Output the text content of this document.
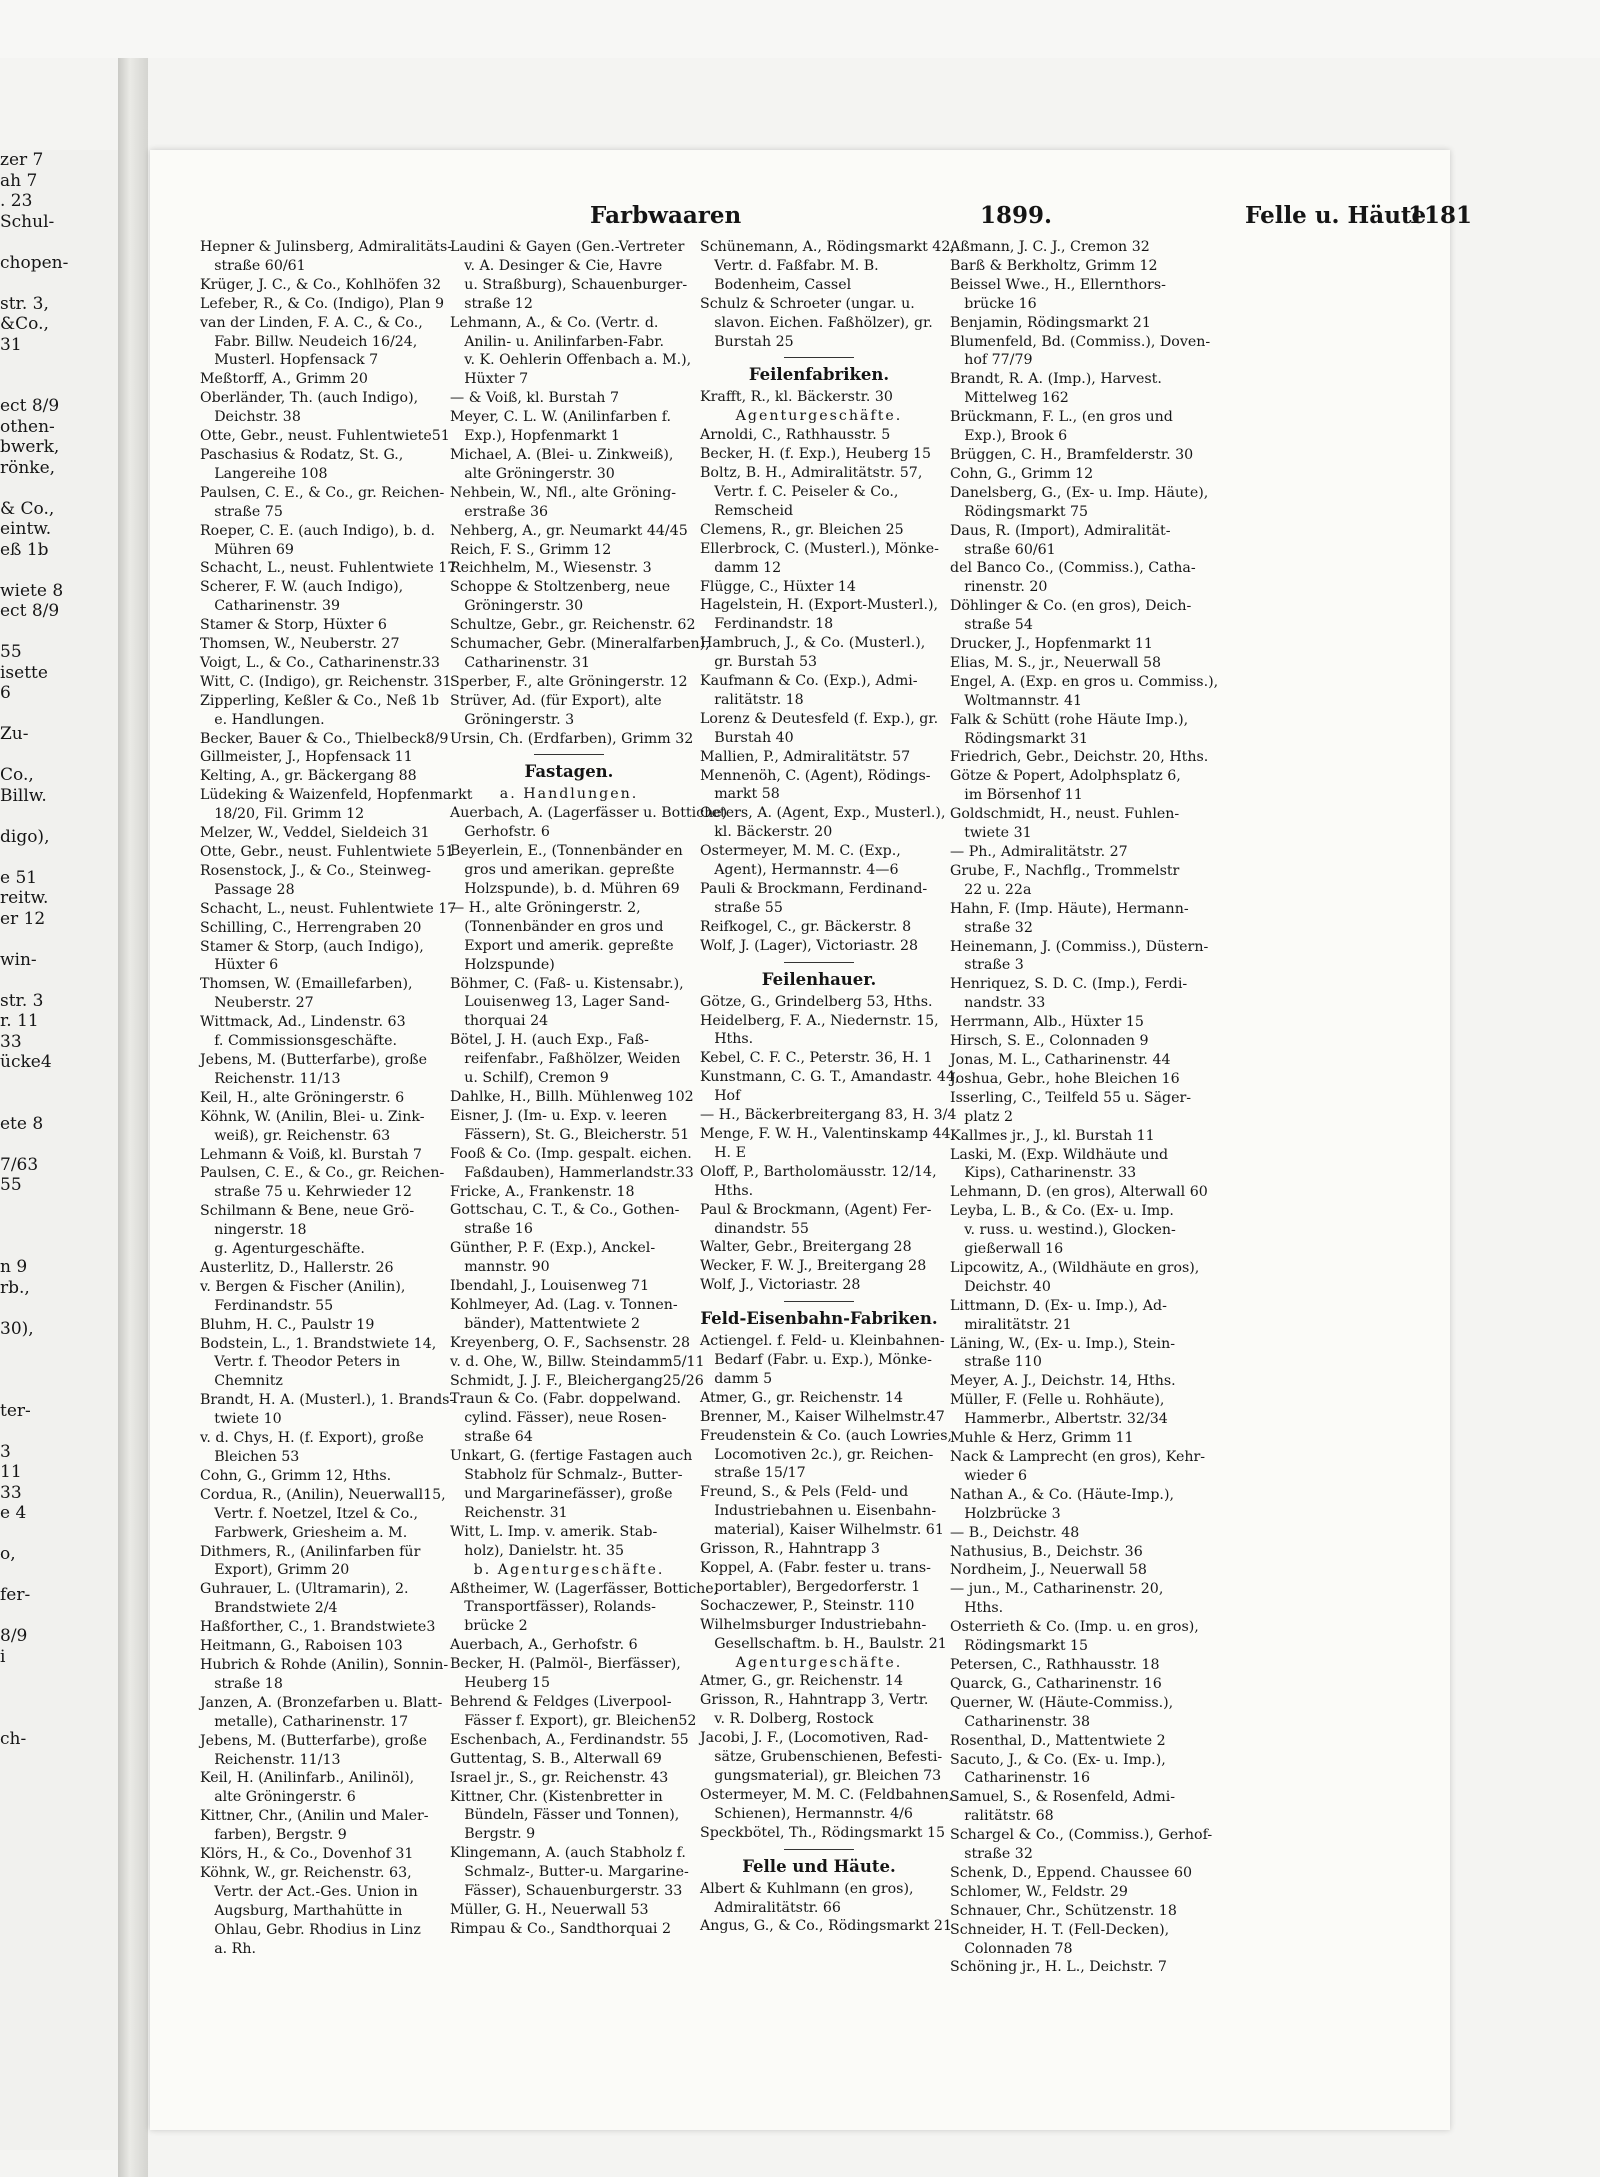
zer 7
ah 7
. 23
Schul-
chopen-
str. 3,
&Co.,
31
ect 8/9
othen-
bwerk,
rönke,
& Co.,
eintw.
eß 1b
wiete 8
ect 8/9
55
isette
6
Zu-
Co.,
Billw.
digo),
e 51
reitw.
er 12
win-
str. 3
r. 11
33
ücke4
ete 8
7/63
55
n 9
rb.,
30),
ter-
3
11
33
e 4
o,
fer-
8/9
i
ch-
Farbwaaren	1899.	Felle u. Häute
1181
Hepner & Julinsberg, Admiralitäts-
 straße 60/61
Krüger, J. C., & Co., Kohlhöfen 32
Lefeber, R., & Co. (Indigo), Plan 9
van der Linden, F. A. C., & Co.,
 Fabr. Billw. Neudeich 16/24,
 Musterl. Hopfensack 7
Meßtorff, A., Grimm 20
Oberländer, Th. (auch Indigo),
 Deichstr. 38
Otte, Gebr., neust. Fuhlentwiete51
Paschasius & Rodatz, St. G.,
 Langereihe 108
Paulsen, C. E., & Co., gr. Reichen-
 straße 75
Roeper, C. E. (auch Indigo), b. d.
 Mühren 69
Schacht, L., neust. Fuhlentwiete 17
Scherer, F. W. (auch Indigo),
 Catharinenstr. 39
Stamer & Storp, Hüxter 6
Thomsen, W., Neuberstr. 27
Voigt, L., & Co., Catharinenstr.33
Witt, C. (Indigo), gr. Reichenstr. 31
Zipperling, Keßler & Co., Neß 1b
 e. Handlungen.
Becker, Bauer & Co., Thielbeck8/9
Gillmeister, J., Hopfensack 11
Kelting, A., gr. Bäckergang 88
Lüdeking & Waizenfeld, Hopfenmarkt
 18/20, Fil. Grimm 12
Melzer, W., Veddel, Sieldeich 31
Otte, Gebr., neust. Fuhlentwiete 51
Rosenstock, J., & Co., Steinweg-
 Passage 28
Schacht, L., neust. Fuhlentwiete 17
Schilling, C., Herrengraben 20
Stamer & Storp, (auch Indigo),
 Hüxter 6
Thomsen, W. (Emaillefarben),
 Neuberstr. 27
Wittmack, Ad., Lindenstr. 63
 f. Commissionsgeschäfte.
Jebens, M. (Butterfarbe), große
 Reichenstr. 11/13
Keil, H., alte Gröningerstr. 6
Köhnk, W. (Anilin, Blei- u. Zink-
 weiß), gr. Reichenstr. 63
Lehmann & Voiß, kl. Burstah 7
Paulsen, C. E., & Co., gr. Reichen-
 straße 75 u. Kehrwieder 12
Schilmann & Bene, neue Grö-
 ningerstr. 18
 g. Agenturgeschäfte.
Austerlitz, D., Hallerstr. 26
v. Bergen & Fischer (Anilin),
 Ferdinandstr. 55
Bluhm, H. C., Paulstr 19
Bodstein, L., 1. Brandstwiete 14,
 Vertr. f. Theodor Peters in
 Chemnitz
Brandt, H. A. (Musterl.), 1. Brands-
 twiete 10
v. d. Chys, H. (f. Export), große
 Bleichen 53
Cohn, G., Grimm 12, Hths.
Cordua, R., (Anilin), Neuerwall15,
 Vertr. f. Noetzel, Itzel & Co.,
 Farbwerk, Griesheim a. M.
Dithmers, R., (Anilinfarben für
 Export), Grimm 20
Guhrauer, L. (Ultramarin), 2.
 Brandstwiete 2/4
Haßforther, C., 1. Brandstwiete3
Heitmann, G., Raboisen 103
Hubrich & Rohde (Anilin), Sonnin-
 straße 18
Janzen, A. (Bronzefarben u. Blatt-
 metalle), Catharinenstr. 17
Jebens, M. (Butterfarbe), große
 Reichenstr. 11/13
Keil, H. (Anilinfarb., Anilinöl),
 alte Gröningerstr. 6
Kittner, Chr., (Anilin und Maler-
 farben), Bergstr. 9
Klörs, H., & Co., Dovenhof 31
Köhnk, W., gr. Reichenstr. 63,
 Vertr. der Act.-Ges. Union in
 Augsburg, Marthahütte in
 Ohlau, Gebr. Rhodius in Linz
 a. Rh.
Laudini & Gayen (Gen.-Vertreter
 v. A. Desinger & Cie, Havre
 u. Straßburg), Schauenburger-
 straße 12
Lehmann, A., & Co. (Vertr. d.
 Anilin- u. Anilinfarben-Fabr.
 v. K. Oehlerin Offenbach a. M.),
 Hüxter 7
— & Voiß, kl. Burstah 7
Meyer, C. L. W. (Anilinfarben f.
 Exp.), Hopfenmarkt 1
Michael, A. (Blei- u. Zinkweiß),
 alte Gröningerstr. 30
Nehbein, W., Nfl., alte Gröning-
 erstraße 36
Nehberg, A., gr. Neumarkt 44/45
Reich, F. S., Grimm 12
Reichhelm, M., Wiesenstr. 3
Schoppe & Stoltzenberg, neue
 Gröningerstr. 30
Schultze, Gebr., gr. Reichenstr. 62
Schumacher, Gebr. (Mineralfarben),
 Catharinenstr. 31
Sperber, F., alte Gröningerstr. 12
Strüver, Ad. (für Export), alte
 Gröningerstr. 3
Ursin, Ch. (Erdfarben), Grimm 32
Fastagen.
a. Handlungen.
Auerbach, A. (Lagerfässer u. Bottiche)
 Gerhofstr. 6
Beyerlein, E., (Tonnenbänder en
 gros und amerikan. gepreßte
 Holzspunde), b. d. Mühren 69
— H., alte Gröningerstr. 2,
 (Tonnenbänder en gros und
 Export und amerik. gepreßte
 Holzspunde)
Böhmer, C. (Faß- u. Kistensabr.),
 Louisenweg 13, Lager Sand-
 thorquai 24
Bötel, J. H. (auch Exp., Faß-
 reifenfabr., Faßhölzer, Weiden
 u. Schilf), Cremon 9
Dahlke, H., Billh. Mühlenweg 102
Eisner, J. (Im- u. Exp. v. leeren
 Fässern), St. G., Bleicherstr. 51
Fooß & Co. (Imp. gespalt. eichen.
 Faßdauben), Hammerlandstr.33
Fricke, A., Frankenstr. 18
Gottschau, C. T., & Co., Gothen-
 straße 16
Günther, P. F. (Exp.), Anckel-
 mannstr. 90
Ibendahl, J., Louisenweg 71
Kohlmeyer, Ad. (Lag. v. Tonnen-
 bänder), Mattentwiete 2
Kreyenberg, O. F., Sachsenstr. 28
v. d. Ohe, W., Billw. Steindamm5/11
Schmidt, J. J. F., Bleichergang25/26
Traun & Co. (Fabr. doppelwand.
 cylind. Fässer), neue Rosen-
 straße 64
Unkart, G. (fertige Fastagen auch
 Stabholz für Schmalz-, Butter-
 und Margarinefässer), große
 Reichenstr. 31
Witt, L. Imp. v. amerik. Stab-
 holz), Danielstr. ht. 35
b. Agenturgeschäfte.
Aßtheimer, W. (Lagerfässer, Bottiche,
 Transportfässer), Rolands-
 brücke 2
Auerbach, A., Gerhofstr. 6
Becker, H. (Palmöl-, Bierfässer),
 Heuberg 15
Behrend & Feldges (Liverpool-
 Fässer f. Export), gr. Bleichen52
Eschenbach, A., Ferdinandstr. 55
Guttentag, S. B., Alterwall 69
Israel jr., S., gr. Reichenstr. 43
Kittner, Chr. (Kistenbretter in
 Bündeln, Fässer und Tonnen),
 Bergstr. 9
Klingemann, A. (auch Stabholz f.
 Schmalz-, Butter-u. Margarine-
 Fässer), Schauenburgerstr. 33
Müller, G. H., Neuerwall 53
Rimpau & Co., Sandthorquai 2
Schünemann, A., Rödingsmarkt 42,
 Vertr. d. Faßfabr. M. B.
 Bodenheim, Cassel
Schulz & Schroeter (ungar. u.
 slavon. Eichen. Faßhölzer), gr.
 Burstah 25
Feilenfabriken.
Krafft, R., kl. Bäckerstr. 30
Agenturgeschäfte.
Arnoldi, C., Rathhausstr. 5
Becker, H. (f. Exp.), Heuberg 15
Boltz, B. H., Admiralitätstr. 57,
 Vertr. f. C. Peiseler & Co.,
 Remscheid
Clemens, R., gr. Bleichen 25
Ellerbrock, C. (Musterl.), Mönke-
 damm 12
Flügge, C., Hüxter 14
Hagelstein, H. (Export-Musterl.),
 Ferdinandstr. 18
Hambruch, J., & Co. (Musterl.),
 gr. Burstah 53
Kaufmann & Co. (Exp.), Admi-
 ralitätstr. 18
Lorenz & Deutesfeld (f. Exp.), gr.
 Burstah 40
Mallien, P., Admiralitätstr. 57
Mennenöh, C. (Agent), Rödings-
 markt 58
Oeters, A. (Agent, Exp., Musterl.),
 kl. Bäckerstr. 20
Ostermeyer, M. M. C. (Exp.,
 Agent), Hermannstr. 4—6
Pauli & Brockmann, Ferdinand-
 straße 55
Reifkogel, C., gr. Bäckerstr. 8
Wolf, J. (Lager), Victoriastr. 28
Feilenhauer.
Götze, G., Grindelberg 53, Hths.
Heidelberg, F. A., Niedernstr. 15,
 Hths.
Kebel, C. F. C., Peterstr. 36, H. 1
Kunstmann, C. G. T., Amandastr. 44,
 Hof
— H., Bäckerbreitergang 83, H. 3/4
Menge, F. W. H., Valentinskamp 44,
 H. E
Oloff, P., Bartholomäusstr. 12/14,
 Hths.
Paul & Brockmann, (Agent) Fer-
 dinandstr. 55
Walter, Gebr., Breitergang 28
Wecker, F. W. J., Breitergang 28
Wolf, J., Victoriastr. 28
Feld-Eisenbahn-Fabriken.
Actiengel. f. Feld- u. Kleinbahnen-
 Bedarf (Fabr. u. Exp.), Mönke-
 damm 5
Atmer, G., gr. Reichenstr. 14
Brenner, M., Kaiser Wilhelmstr.47
Freudenstein & Co. (auch Lowries,
 Locomotiven 2c.), gr. Reichen-
 straße 15/17
Freund, S., & Pels (Feld- und
 Industriebahnen u. Eisenbahn-
 material), Kaiser Wilhelmstr. 61
Grisson, R., Hahntrapp 3
Koppel, A. (Fabr. fester u. trans-
 portabler), Bergedorferstr. 1
Sochaczewer, P., Steinstr. 110
Wilhelmsburger Industriebahn-
 Gesellschaftm. b. H., Baulstr. 21
Agenturgeschäfte.
Atmer, G., gr. Reichenstr. 14
Grisson, R., Hahntrapp 3, Vertr.
 v. R. Dolberg, Rostock
Jacobi, J. F., (Locomotiven, Rad-
 sätze, Grubenschienen, Befesti-
 gungsmaterial), gr. Bleichen 73
Ostermeyer, M. M. C. (Feldbahnen,
 Schienen), Hermannstr. 4/6
Speckbötel, Th., Rödingsmarkt 15
Felle und Häute.
Albert & Kuhlmann (en gros),
 Admiralitätstr. 66
Angus, G., & Co., Rödingsmarkt 21
Aßmann, J. C. J., Cremon 32
Barß & Berkholtz, Grimm 12
Beissel Wwe., H., Ellernthors-
 brücke 16
Benjamin, Rödingsmarkt 21
Blumenfeld, Bd. (Commiss.), Doven-
 hof 77/79
Brandt, R. A. (Imp.), Harvest.
 Mittelweg 162
Brückmann, F. L., (en gros und
 Exp.), Brook 6
Brüggen, C. H., Bramfelderstr. 30
Cohn, G., Grimm 12
Danelsberg, G., (Ex- u. Imp. Häute),
 Rödingsmarkt 75
Daus, R. (Import), Admiralität-
 straße 60/61
del Banco Co., (Commiss.), Catha-
 rinenstr. 20
Döhlinger & Co. (en gros), Deich-
 straße 54
Drucker, J., Hopfenmarkt 11
Elias, M. S., jr., Neuerwall 58
Engel, A. (Exp. en gros u. Commiss.),
 Woltmannstr. 41
Falk & Schütt (rohe Häute Imp.),
 Rödingsmarkt 31
Friedrich, Gebr., Deichstr. 20, Hths.
Götze & Popert, Adolphsplatz 6,
 im Börsenhof 11
Goldschmidt, H., neust. Fuhlen-
 twiete 31
— Ph., Admiralitätstr. 27
Grube, F., Nachflg., Trommelstr
 22 u. 22a
Hahn, F. (Imp. Häute), Hermann-
 straße 32
Heinemann, J. (Commiss.), Düstern-
 straße 3
Henriquez, S. D. C. (Imp.), Ferdi-
 nandstr. 33
Herrmann, Alb., Hüxter 15
Hirsch, S. E., Colonnaden 9
Jonas, M. L., Catharinenstr. 44
Joshua, Gebr., hohe Bleichen 16
Isserling, C., Teilfeld 55 u. Säger-
 platz 2
Kallmes jr., J., kl. Burstah 11
Laski, M. (Exp. Wildhäute und
 Kips), Catharinenstr. 33
Lehmann, D. (en gros), Alterwall 60
Leyba, L. B., & Co. (Ex- u. Imp.
 v. russ. u. westind.), Glocken-
 gießerwall 16
Lipcowitz, A., (Wildhäute en gros),
 Deichstr. 40
Littmann, D. (Ex- u. Imp.), Ad-
 miralitätstr. 21
Läning, W., (Ex- u. Imp.), Stein-
 straße 110
Meyer, A. J., Deichstr. 14, Hths.
Müller, F. (Felle u. Rohhäute),
 Hammerbr., Albertstr. 32/34
Muhle & Herz, Grimm 11
Nack & Lamprecht (en gros), Kehr-
 wieder 6
Nathan A., & Co. (Häute-Imp.),
 Holzbrücke 3
— B., Deichstr. 48
Nathusius, B., Deichstr. 36
Nordheim, J., Neuerwall 58
— jun., M., Catharinenstr. 20,
 Hths.
Osterrieth & Co. (Imp. u. en gros),
 Rödingsmarkt 15
Petersen, C., Rathhausstr. 18
Quarck, G., Catharinenstr. 16
Querner, W. (Häute-Commiss.),
 Catharinenstr. 38
Rosenthal, D., Mattentwiete 2
Sacuto, J., & Co. (Ex- u. Imp.),
 Catharinenstr. 16
Samuel, S., & Rosenfeld, Admi-
 ralitätstr. 68
Schargel & Co., (Commiss.), Gerhof-
 straße 32
Schenk, D., Eppend. Chaussee 60
Schlomer, W., Feldstr. 29
Schnauer, Chr., Schützenstr. 18
Schneider, H. T. (Fell-Decken),
 Colonnaden 78
Schöning jr., H. L., Deichstr. 7
